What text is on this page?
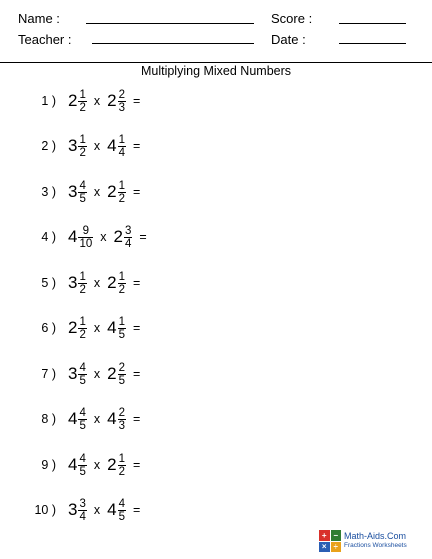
Name :	Score :
Teacher :	Date :
Multiplying Mixed Numbers
1 ) $2 \frac{1}{2}$ x $2 \frac{2}{3}$ =
2 ) $3 \frac{1}{2}$ x $4 \frac{1}{4}$ =
3 ) $3 \frac{4}{5}$ x $2 \frac{1}{2}$ =
4 ) $4 \frac{9}{10}$ x $2 \frac{3}{4}$ =
5 ) $3 \frac{1}{2}$ x $2 \frac{1}{2}$ =
6 ) $2 \frac{1}{2}$ x $4 \frac{1}{5}$ =
7 ) $3 \frac{4}{5}$ x $2 \frac{2}{5}$ =
8 ) $4 \frac{4}{5}$ x $4 \frac{2}{3}$ =
9 ) $4 \frac{4}{5}$ x $2 \frac{1}{2}$ =
10 ) $3 \frac{3}{4}$ x $4 \frac{4}{5}$ =
+ −
× ÷
Math-Aids.Com
Fractions Worksheets
